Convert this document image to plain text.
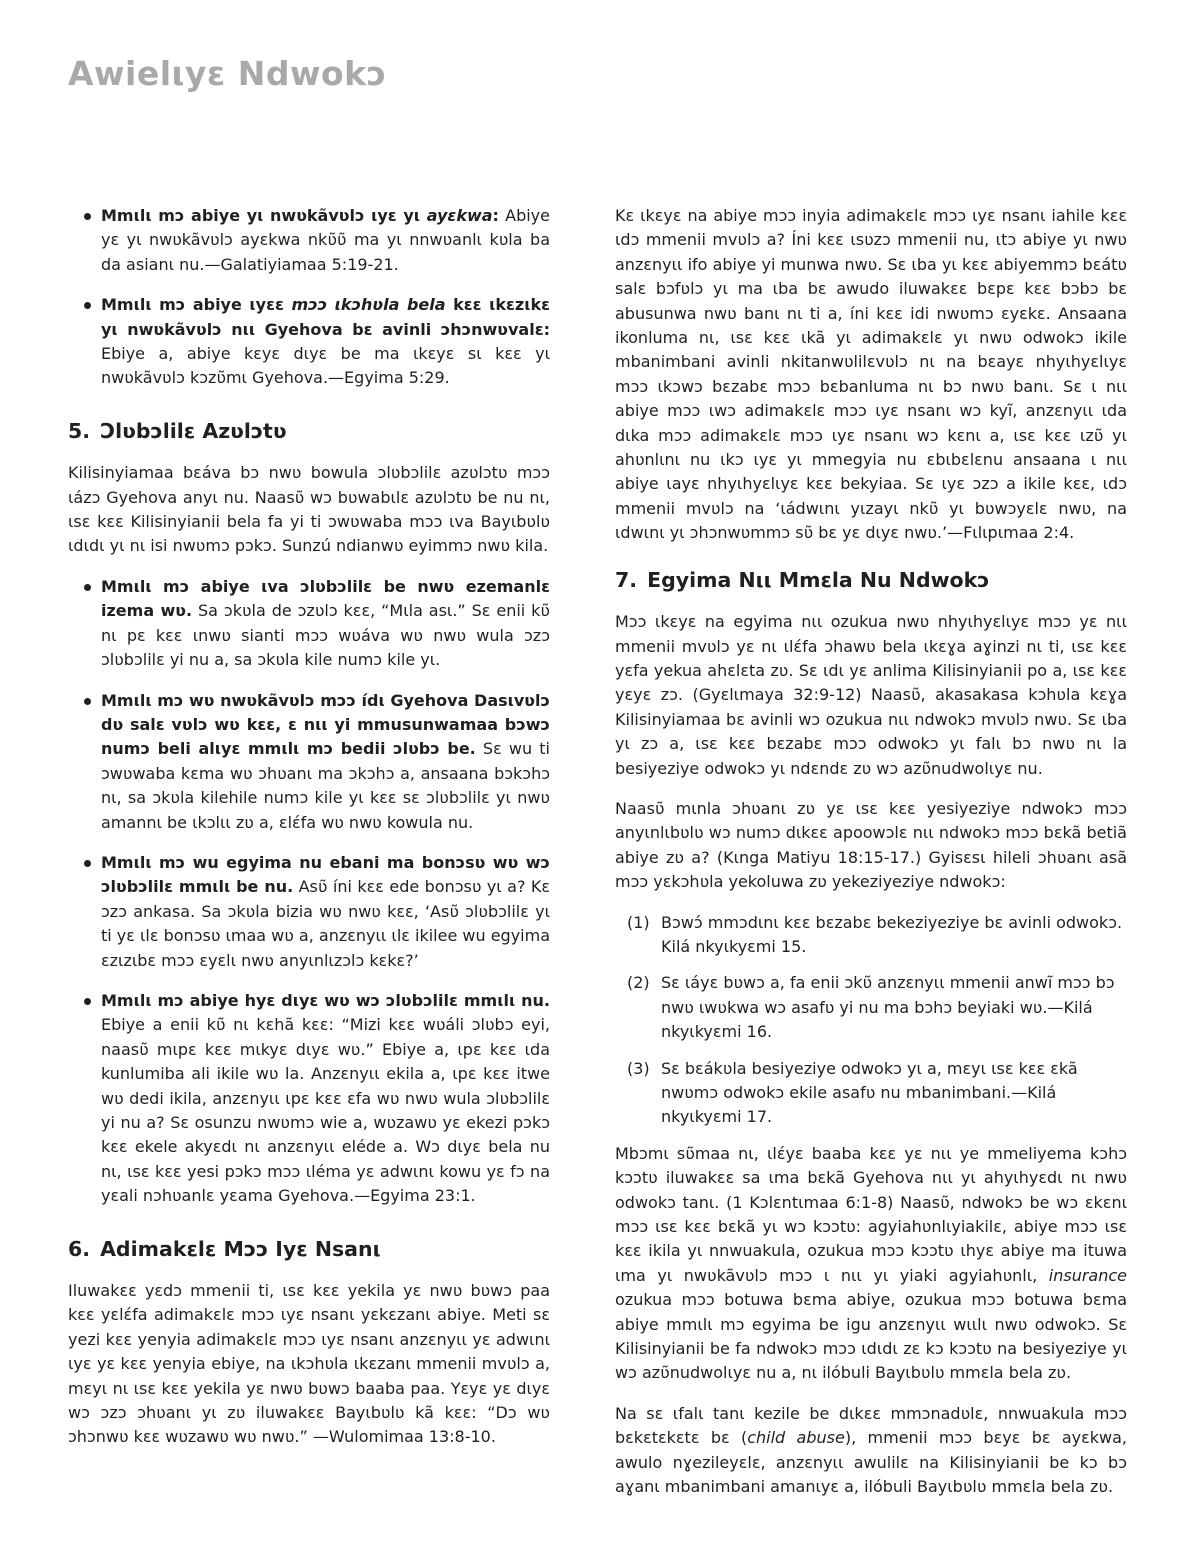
Awielιyε Ndwokɔ
Mmιlι mɔ abiye yι nwʋkãvʋlɔ ιyε yι ayεkwa: Abiye yε yι nwʋkãvʋlɔ ayεkwa nkʋ̃ʋ̃ ma yι nnwʋanlι kʋla ba da asianι nu.—Galatiyiamaa 5:19-21.
Mmιlι mɔ abiye ιyεε mɔɔ ιkɔhʋla bela kεε ιkεzιkε yι nwʋkãvʋlɔ nιι Gyehova bε avinli ɔhɔnwʋvalε: Ebiye a, abiye kεyε dιyε be ma ιkεyε sι kεε yι nwʋkãvʋlɔ kɔzʋ̃mι Gyehova.—Egyima 5:29.
5. Ɔlʋbɔlilε Azʋlɔtʋ

Kilisinyiamaa bεáva bɔ nwʋ bowula ɔlʋbɔlilε azʋlɔtʋ mɔɔ ιázɔ Gyehova anyι nu. Naasʋ̃ wɔ bʋwabιlε azʋlɔtʋ be nu nι, ιsε kεε Kilisinyianii bela fa yi ti ɔwʋwaba mɔɔ ιva Bayιbʋlʋ ιdιdι yι nι isi nwʋmɔ pɔkɔ. Sunzú ndianwʋ eyimmɔ nwʋ kila.

Mmιlι mɔ abiye ιva ɔlʋbɔlilε be nwʋ ezemanlε izema wʋ. Sa ɔkʋla de ɔzʋlɔ kεε, “Mιla asι.” Sε enii kʋ̃ nι pε kεε ιnwʋ sianti mɔɔ wʋáva wʋ nwʋ wula ɔzɔ ɔlʋbɔlilε yi nu a, sa ɔkʋla kile numɔ kile yι.
Mmιlι mɔ wʋ nwʋkãvʋlɔ mɔɔ ídι Gyehova Dasιvʋlɔ dʋ salε vʋlɔ wʋ kεε, ε nιι yi mmusunwamaa bɔwɔ numɔ beli alιyε mmιlι mɔ bedii ɔlʋbɔ be. Sε wu ti ɔwʋwaba kεma wʋ ɔhʋanι ma ɔkɔhɔ a, ansaana bɔkɔhɔ nι, sa ɔkʋla kilehile numɔ kile yι kεε sε ɔlʋbɔlilε yι nwʋ amannι be ιkɔlιι zʋ a, εlέfa wʋ nwʋ kowula nu.
Mmιlι mɔ wu egyima nu ebani ma bonɔsʋ wʋ wɔ ɔlʋbɔlilε mmιlι be nu. Asʋ̃ íni kεε ede bonɔsʋ yι a? Kε ɔzɔ ankasa. Sa ɔkʋla bizia wʋ nwʋ kεε, ‘Asʋ̃ ɔlʋbɔlilε yι ti yε ιlε bonɔsʋ ιmaa wʋ a, anzεnyιι ιlε ikilee wu egyima εzιzιbε mɔɔ εyεlι nwʋ anyιnlιzɔlɔ kεkε?’
Mmιlι mɔ abiye hyε dιyε wʋ wɔ ɔlʋbɔlilε mmιlι nu. Ebiye a enii kʋ̃ nι kεhã kεε: “Mizi kεε wʋáli ɔlʋbɔ eyi, naasʋ̃ mιpε kεε mιkyε dιyε wʋ.” Ebiye a, ιpε kεε ιda kunlumiba ali ikile wʋ la. Anzεnyιι ekila a, ιpε kεε itwe wʋ dedi ikila, anzεnyιι ιpε kεε εfa wʋ nwʋ wula ɔlʋbɔlilε yi nu a? Sε osunzu nwʋmɔ wie a, wʋzawʋ yε ekezi pɔkɔ kεε ekele akyεdι nι anzεnyιι eléde a. Wɔ dιyε bela nu nι, ιsε kεε yesi pɔkɔ mɔɔ ιléma yε adwιnι kowu yε fɔ na yεali nɔhʋanlε yεama Gyehova.—Egyima 23:1.
6. Adimakεlε Mɔɔ Ιyε Nsanι

Iluwakεε yεdɔ mmenii ti, ιsε kεε yekila yε nwʋ bʋwɔ paa kεε yεlέfa adimakεlε mɔɔ ιyε nsanι yεkεzanι abiye. Meti sε yezi kεε yenyia adimakεlε mɔɔ ιyε nsanι anzεnyιι yε adwιnι ιyε yε kεε yenyia ebiye, na ιkɔhʋla ιkεzanι mmenii mvʋlɔ a, mεyι nι ιsε kεε yekila yε nwʋ bʋwɔ baaba paa. Yεyε yε dιyε wɔ ɔzɔ ɔhʋanι yι zʋ iluwakεε Bayιbʋlʋ kã kεε: “Dɔ wʋ ɔhɔnwʋ kεε wʋzawʋ wʋ nwʋ.” —Wulomimaa 13:8-10.

Kε ιkεyε na abiye mɔɔ inyia adimakεlε mɔɔ ιyε nsanι iahile kεε ιdɔ mmenii mvʋlɔ a? Íni kεε ιsʋzɔ mmenii nu, ιtɔ abiye yι nwʋ anzεnyιι ifo abiye yi munwa nwʋ. Sε ιba yι kεε abiyemmɔ bεátʋ salε bɔfʋlɔ yι ma ιba bε awudo iluwakεε bεpε kεε bɔbɔ bε abusunwa nwʋ banι nι ti a, íni kεε idi nwʋmɔ εyεkε. Ansaana ikonluma nι, ιsε kεε ιkã yι adimakεlε yι nwʋ odwokɔ ikile mbanimbani avinli nkitanwʋlilεvʋlɔ nι na bεayε nhyιhyεlιyε mɔɔ ιkɔwɔ bεzabε mɔɔ bεbanluma nι bɔ nwʋ banι. Sε ι nιι abiye mɔɔ ιwɔ adimakεlε mɔɔ ιyε nsanι wɔ kyĩ, anzεnyιι ιda dιka mɔɔ adimakεlε mɔɔ ιyε nsanι wɔ kεnι a, ιsε kεε ιzʋ̃ yι ahʋnlιnι nu ιkɔ ιyε yι mmegyia nu εbιbεlεnu ansaana ι nιι abiye ιayε nhyιhyεlιyε kεε bekyiaa. Sε ιyε ɔzɔ a ikile kεε, ιdɔ mmenii mvʋlɔ na ‘ιádwιnι yιzayι nkʋ̃ yι bʋwɔyεlε nwʋ, na ιdwιnι yι ɔhɔnwʋmmɔ sʋ̃ bε yε dιyε nwʋ.’—Fιlιpιmaa 2:4.

7. Egyima Nιι Mmεla Nu Ndwokɔ

Mɔɔ ιkεyε na egyima nιι ozukua nwʋ nhyιhyεlιyε mɔɔ yε nιι mmenii mvʋlɔ yε nι ιlέfa ɔhawʋ bela ιkεɣa aɣinzi nι ti, ιsε kεε yεfa yekua ahεlεta zʋ. Sε ιdι yε anlima Kilisinyianii po a, ιsε kεε yεyε zɔ. (Gyεlιmaya 32:9-12) Naasʋ̃, akasakasa kɔhʋla kεɣa Kilisinyiamaa bε avinli wɔ ozukua nιι ndwokɔ mvʋlɔ nwʋ. Sε ιba yι zɔ a, ιsε kεε bεzabε mɔɔ odwokɔ yι falι bɔ nwʋ nι la besiyeziye odwokɔ yι ndεndε zʋ wɔ azʋ̃nudwolιyε nu.

Naasʋ̃ mιnla ɔhʋanι zʋ yε ιsε kεε yesiyeziye ndwokɔ mɔɔ anyιnlιbʋlʋ wɔ numɔ dιkεε apoowɔlε nιι ndwokɔ mɔɔ bεkã betiã abiye zʋ a? (Kιnga Matiyu 18:15-17.) Gyisεsι hileli ɔhʋanι asã mɔɔ yεkɔhʋla yekoluwa zʋ yekeziyeziye ndwokɔ:

(1) Bɔwɔ́ mmɔdιnι kεε bεzabε bekeziyeziye bε avinli odwokɔ. Kilá nkyιkyεmi 15.
(2) Sε ιáyε bʋwɔ a, fa enii ɔkʋ̃ anzεnyιι mmenii anwĩ mɔɔ bɔ nwʋ ιwʋkwa wɔ asafʋ yi nu ma bɔhɔ beyiaki wʋ.—Kilá nkyιkyεmi 16.
(3) Sε bεákʋla besiyeziye odwokɔ yι a, mεyι ιsε kεε εkã nwʋmɔ odwokɔ ekile asafʋ nu mbanimbani.—Kilá nkyιkyεmi 17.

Mbɔmι sʋ̃maa nι, ιlέyε baaba kεε yε nιι ye mmeliyema kɔhɔ kɔɔtʋ iluwakεε sa ιma bεkã Gyehova nιι yι ahyιhyεdι nι nwʋ odwokɔ tanι. (1 Kɔlεntιmaa 6:1-8) Naasʋ̃, ndwokɔ be wɔ εkεnι mɔɔ ιsε kεε bεkã yι wɔ kɔɔtʋ: agyiahʋnlιyiakilε, abiye mɔɔ ιsε kεε ikila yι nnwuakula, ozukua mɔɔ kɔɔtʋ ιhyε abiye ma ituwa ιma yι nwʋkãvʋlɔ mɔɔ ι nιι yι yiaki agyiahʋnlι, insurance ozukua mɔɔ botuwa bεma abiye, ozukua mɔɔ botuwa bεma abiye mmιlι mɔ egyima be igu anzεnyιι wιιlι nwʋ odwokɔ. Sε Kilisinyianii be fa ndwokɔ mɔɔ ιdιdι zε kɔ kɔɔtʋ na besiyeziye yι wɔ azʋ̃nudwolιyε nu a, nι ilóbuli Bayιbʋlʋ mmεla bela zʋ.

Na sε ιfalι tanι kezile be dιkεε mmɔnadʋlε, nnwuakula mɔɔ bεkεtεkεtε bε (child abuse), mmenii mɔɔ bεyε bε ayεkwa, awulo nɣezileyεlε, anzεnyιι awulilε na Kilisinyianii be kɔ bɔ aɣanι mbanimbani amanιyε a, ilóbuli Bayιbʋlʋ mmεla bela zʋ.
